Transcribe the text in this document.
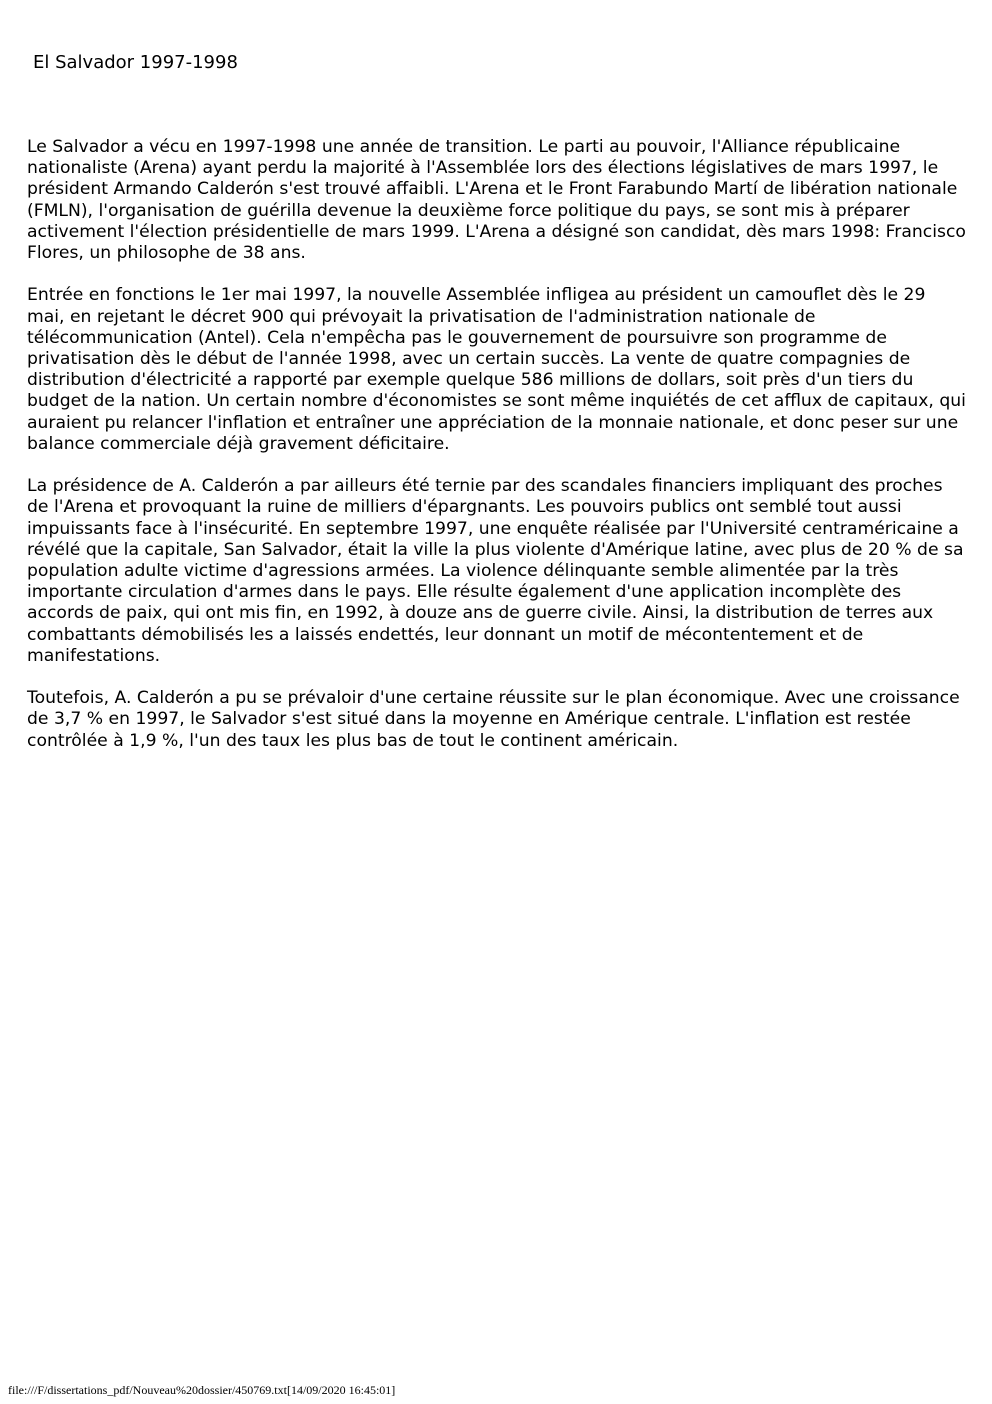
El Salvador 1997-1998

Le Salvador a vécu en 1997-1998 une année de transition. Le parti au pouvoir, l'Alliance républicaine nationaliste (Arena) ayant perdu la majorité à l'Assemblée lors des élections législatives de mars 1997, le président Armando Calderón s'est trouvé affaibli. L'Arena et le Front Farabundo Martí de libération nationale (FMLN), l'organisation de guérilla devenue la deuxième force politique du pays, se sont mis à préparer activement l'élection présidentielle de mars 1999. L'Arena a désigné son candidat, dès mars 1998: Francisco Flores, un philosophe de 38 ans.

Entrée en fonctions le 1er mai 1997, la nouvelle Assemblée infligea au président un camouflet dès le 29 mai, en rejetant le décret 900 qui prévoyait la privatisation de l'administration nationale de télécommunication (Antel). Cela n'empêcha pas le gouvernement de poursuivre son programme de privatisation dès le début de l'année 1998, avec un certain succès. La vente de quatre compagnies de distribution d'électricité a rapporté par exemple quelque 586 millions de dollars, soit près d'un tiers du budget de la nation. Un certain nombre d'économistes se sont même inquiétés de cet afflux de capitaux, qui auraient pu relancer l'inflation et entraîner une appréciation de la monnaie nationale, et donc peser sur une balance commerciale déjà gravement déficitaire.

La présidence de A. Calderón a par ailleurs été ternie par des scandales financiers impliquant des proches de l'Arena et provoquant la ruine de milliers d'épargnants. Les pouvoirs publics ont semblé tout aussi impuissants face à l'insécurité. En septembre 1997, une enquête réalisée par l'Université centraméricaine a révélé que la capitale, San Salvador, était la ville la plus violente d'Amérique latine, avec plus de 20 % de sa population adulte victime d'agressions armées. La violence délinquante semble alimentée par la très importante circulation d'armes dans le pays. Elle résulte également d'une application incomplète des accords de paix, qui ont mis fin, en 1992, à douze ans de guerre civile. Ainsi, la distribution de terres aux combattants démobilisés les a laissés endettés, leur donnant un motif de mécontentement et de manifestations.

Toutefois, A. Calderón a pu se prévaloir d'une certaine réussite sur le plan économique. Avec une croissance de 3,7 % en 1997, le Salvador s'est situé dans la moyenne en Amérique centrale. L'inflation est restée contrôlée à 1,9 %, l'un des taux les plus bas de tout le continent américain.

file:///F/dissertations_pdf/Nouveau%20dossier/450769.txt[14/09/2020 16:45:01]
